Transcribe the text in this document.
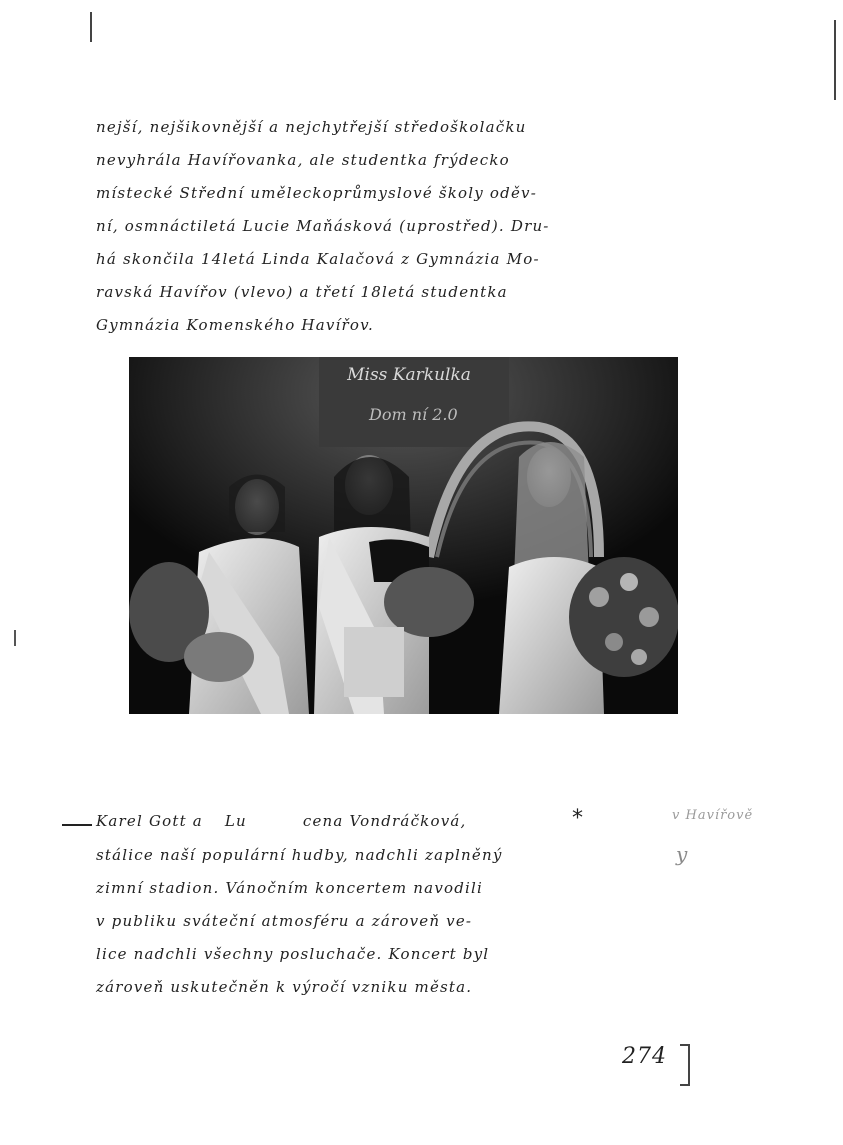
nejší, nejšikovnější a nejchytřejší středoškolačku
nevyhrála Havířovanka, ale studentka frýdecko
místecké Střední uměleckoprůmyslové školy oděv-
ní, osmnáctiletá Lucie Maňásková (uprostřed). Dru-
há skončila 14letá Linda Kalačová z Gymnázia Mo-
ravská Havířov (vlevo) a třetí 18letá studentka
Gymnázia Komenského Havířov.
Miss Karkulka
Dom ní 2.0
Karel Gott a Lu	cena Vondráčková,	*	v Havířově
y
stálice naší populární hudby, nadchli zaplněný
zimní stadion. Vánočním koncertem navodili
v publiku sváteční atmosféru a zároveň ve-
lice nadchli všechny posluchače. Koncert byl
zároveň uskutečněn k výročí vzniku města.
274
